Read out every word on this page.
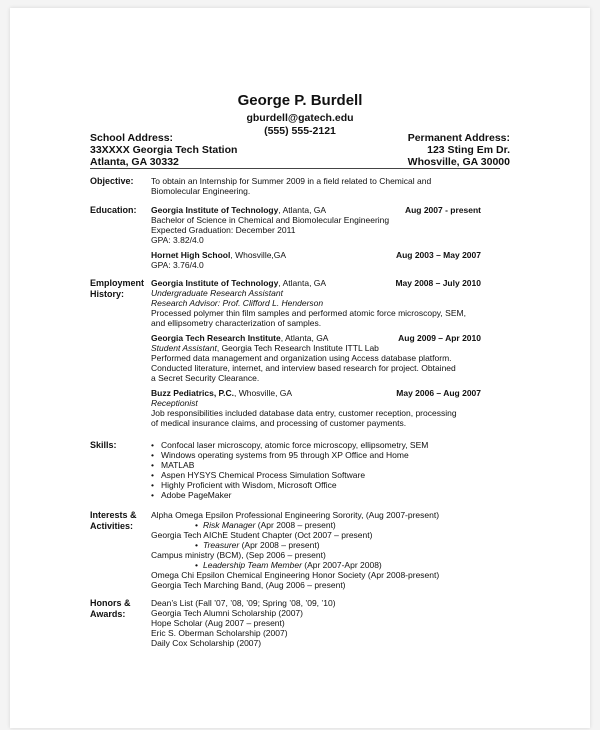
George P. Burdell
gburdell@gatech.edu
(555) 555-2121
School Address:
33XXXX Georgia Tech Station
Atlanta, GA 30332
Permanent Address:
123 Sting Em Dr.
Whosville, GA 30000
Objective: To obtain an Internship for Summer 2009 in a field related to Chemical and
Biomolecular Engineering.
Education: Georgia Institute of Technology, Atlanta, GA	Aug 2007 - present
Bachelor of Science in Chemical and Biomolecular Engineering
Expected Graduation: December 2011
GPA: 3.82/4.0
Hornet High School, Whosville,GA	Aug 2003 – May 2007
GPA: 3.76/4.0
Employment
History:
Georgia Institute of Technology, Atlanta, GA	May 2008 – July 2010
Undergraduate Research Assistant
Research Advisor: Prof. Clifford L. Henderson
Processed polymer thin film samples and performed atomic force microscopy, SEM,
and ellipsometry characterization of samples.
Georgia Tech Research Institute, Atlanta, GA	Aug 2009 – Apr 2010
Student Assistant, Georgia Tech Research Institute ITTL Lab
Performed data management and organization using Access database platform.
Conducted literature, internet, and interview based research for project. Obtained
a Secret Security Clearance.
Buzz Pediatrics, P.C., Whosville, GA	May 2006 – Aug 2007
Receptionist
Job responsibilities included database data entry, customer reception, processing
of medical insurance claims, and processing of customer payments.
Skills:
•	Confocal laser microscopy, atomic force microscopy, ellipsometry, SEM
• Windows operating systems from 95 through XP Office and Home
• MATLAB
• Aspen HYSYS Chemical Process Simulation Software
• Highly Proficient with Wisdom, Microsoft Office
• Adobe PageMaker
Interests &
Activities:
Alpha Omega Epsilon Professional Engineering Sorority, (Aug 2007-present)
• Risk Manager (Apr 2008 – present)
Georgia Tech AIChE Student Chapter (Oct 2007 – present)
• Treasurer (Apr 2008 – present)
Campus ministry (BCM), (Sep 2006 – present)
• Leadership Team Member (Apr 2007-Apr 2008)
Omega Chi Epsilon Chemical Engineering Honor Society (Apr 2008-present)
Georgia Tech Marching Band, (Aug 2006 – present)
Honors &
Awards:
Dean’s List (Fall ’07, ’08, ’09; Spring ’08, ’09, ’10)
Georgia Tech Alumni Scholarship (2007)
Hope Scholar (Aug 2007 – present)
Eric S. Oberman Scholarship (2007)
Daily Cox Scholarship (2007)
